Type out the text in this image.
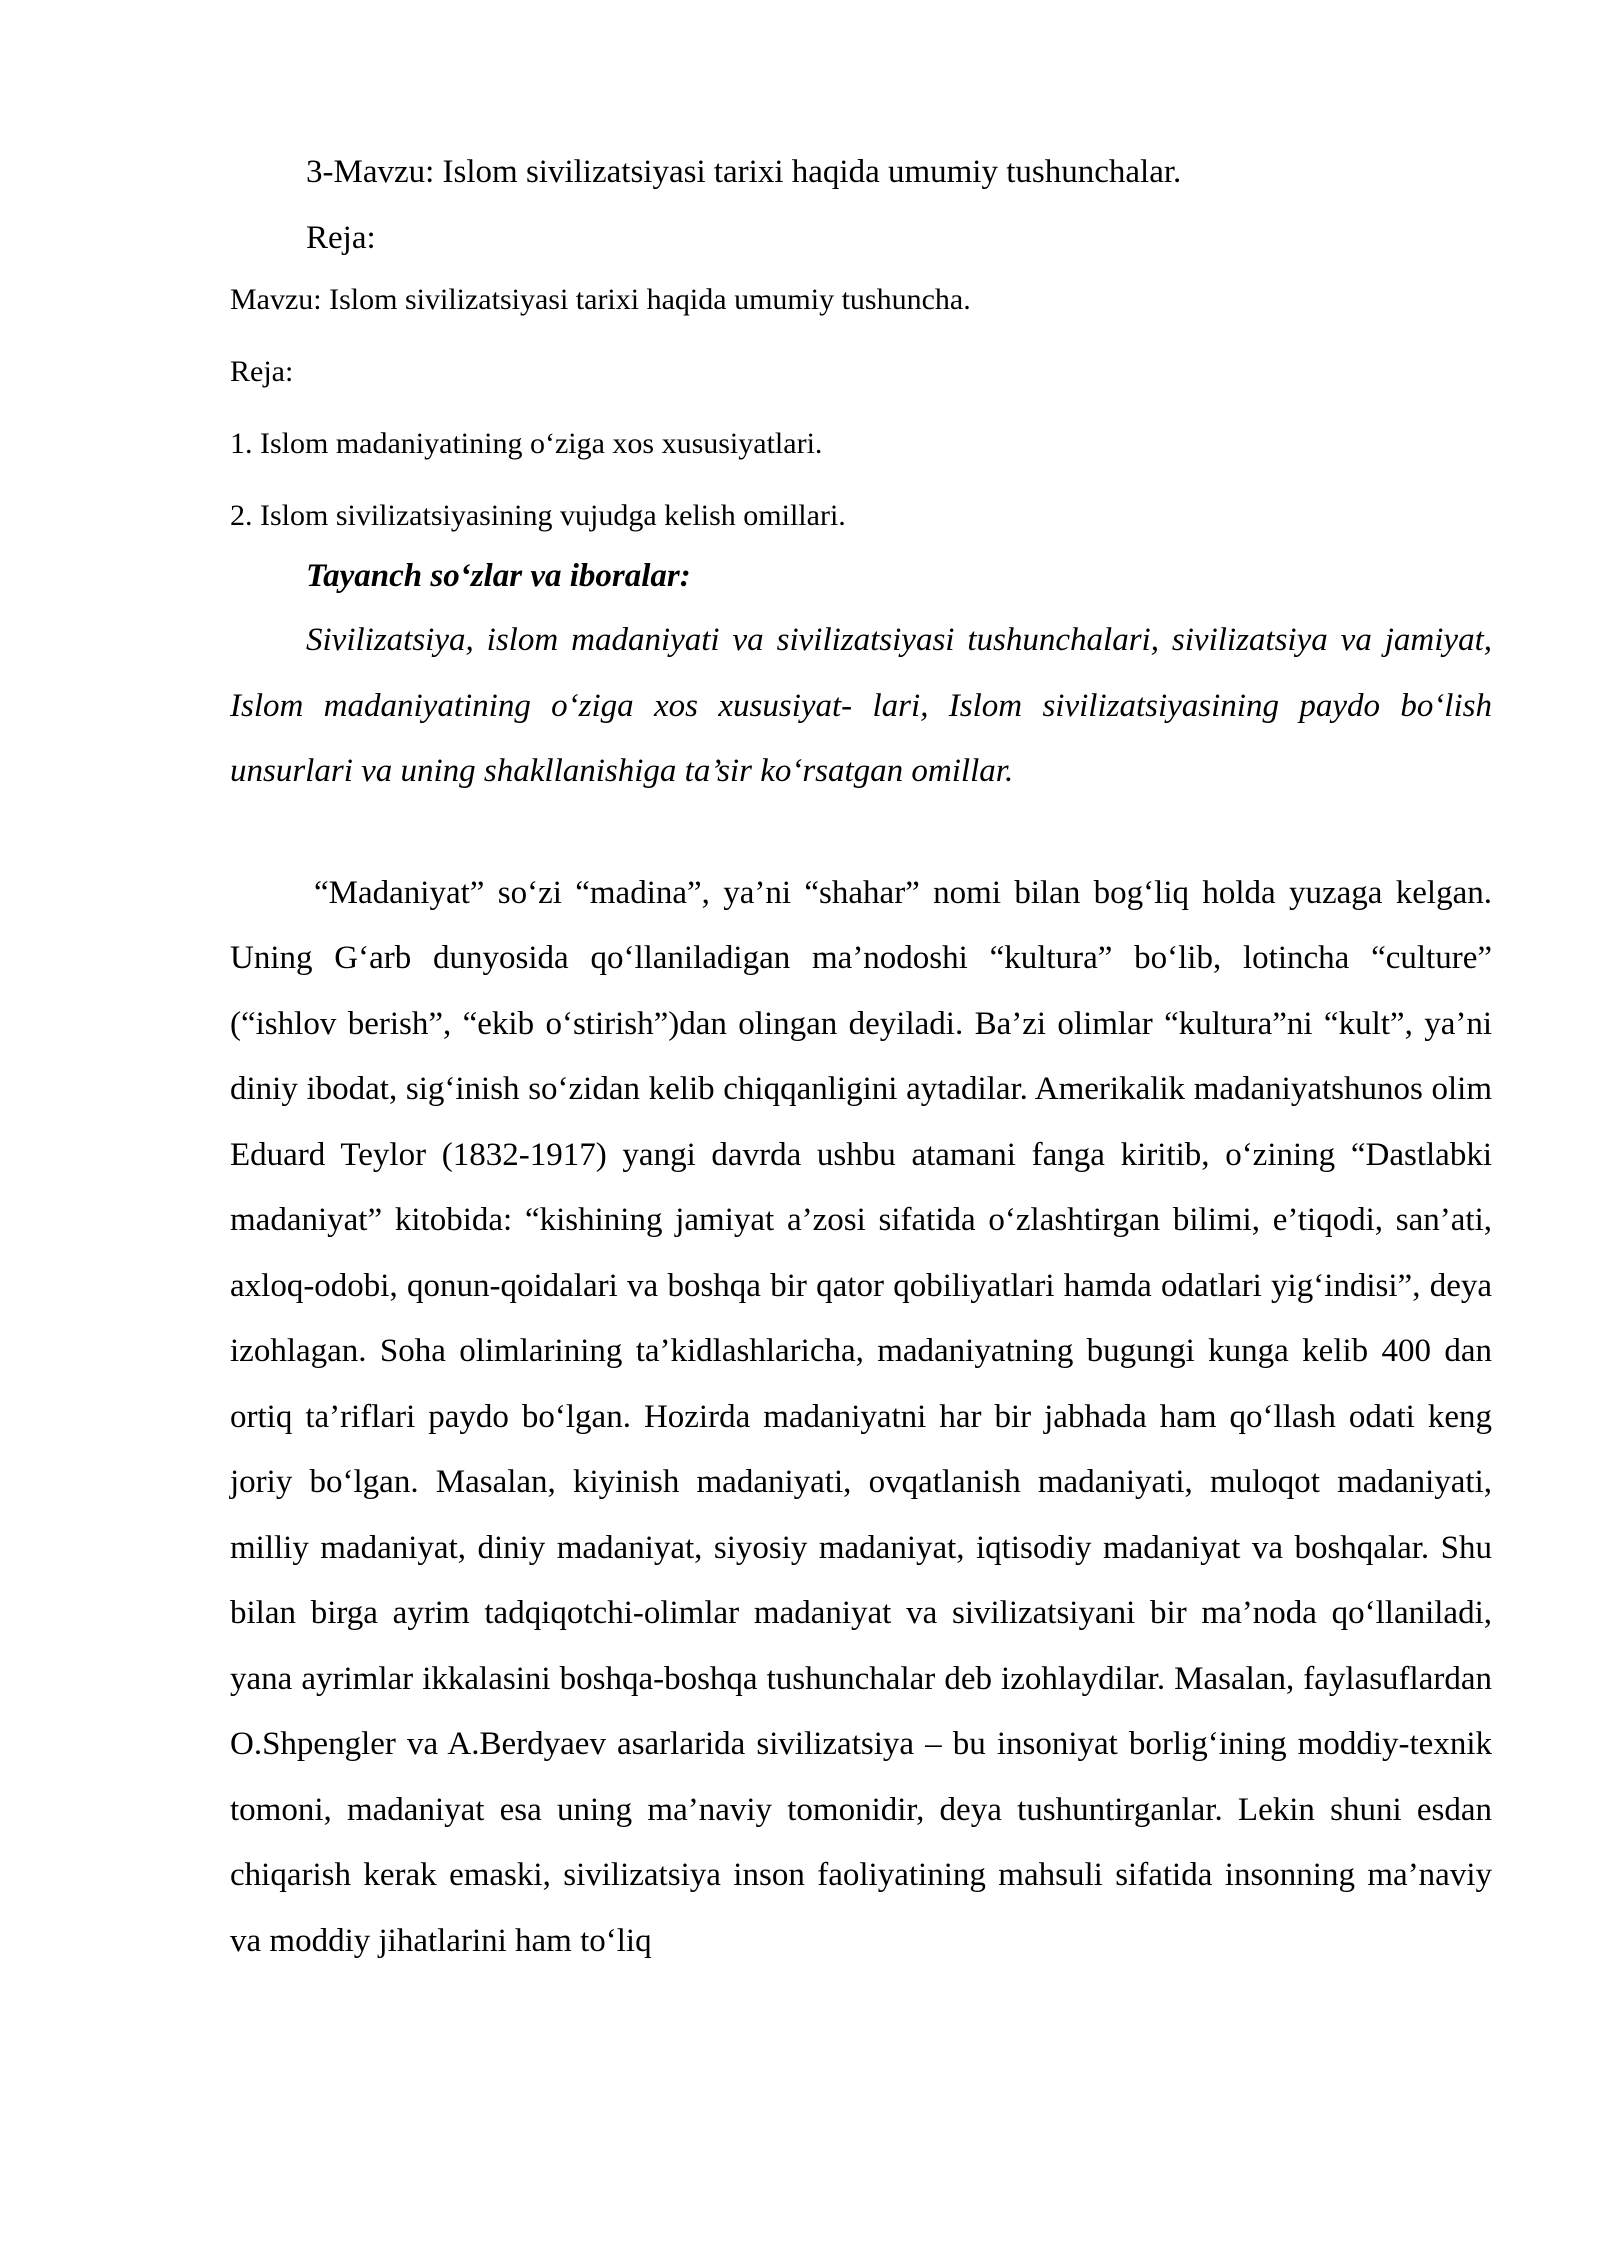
3-Mavzu: Islom sivilizatsiyasi tarixi haqida umumiy tushunchalar.

Reja:

Mavzu: Islom sivilizatsiyasi tarixi haqida umumiy tushuncha.

Reja:

1. Islom madaniyatining o‘ziga xos xususiyatlari.

2. Islom sivilizatsiyasining vujudga kelish omillari.

Tayanch so‘zlar va iboralar:

Sivilizatsiya, islom madaniyati va sivilizatsiyasi tushunchalari, sivilizatsiya va jamiyat, Islom madaniyatining o‘ziga xos xususiyat- lari, Islom sivilizatsiyasining paydo bo‘lish unsurlari va uning shakllanishiga ta’sir ko‘rsatgan omillar.

“Madaniyat” so‘zi “madina”, ya’ni “shahar” nomi bilan bog‘liq holda yuzaga kelgan. Uning G‘arb dunyosida qo‘llaniladigan ma’nodoshi “kultura” bo‘lib, lotincha “culture” (“ishlov berish”, “ekib o‘stirish”)dan olingan deyiladi. Ba’zi olimlar “kultura”ni “kult”, ya’ni diniy ibodat, sig‘inish so‘zidan kelib chiqqanligini aytadilar. Amerikalik madaniyatshunos olim Eduard Teylor (1832-1917) yangi davrda ushbu atamani fanga kiritib, o‘zining “Dastlabki madaniyat” kitobida: “kishining jamiyat a’zosi sifatida o‘zlashtirgan bilimi, e’tiqodi, san’ati, axloq-odobi, qonun-qoidalari va boshqa bir qator qobiliyatlari hamda odatlari yig‘indisi”, deya izohlagan. Soha olimlarining ta’kidlashlaricha, madaniyatning bugungi kunga kelib 400 dan ortiq ta’riflari paydo bo‘lgan. Hozirda madaniyatni har bir jabhada ham qo‘llash odati keng joriy bo‘lgan. Masalan, kiyinish madaniyati, ovqatlanish madaniyati, muloqot madaniyati, milliy madaniyat, diniy madaniyat, siyosiy madaniyat, iqtisodiy madaniyat va boshqalar. Shu bilan birga ayrim tadqiqotchi-olimlar madaniyat va sivilizatsiyani bir ma’noda qo‘llaniladi, yana ayrimlar ikkalasini boshqa-boshqa tushunchalar deb izohlaydilar. Masalan, faylasuflardan O.Shpengler va A.Berdyaev asarlarida sivilizatsiya – bu insoniyat borlig‘ining moddiy-texnik tomoni, madaniyat esa uning ma’naviy tomonidir, deya tushuntirganlar. Lekin shuni esdan chiqarish kerak emaski, sivilizatsiya inson faoliyatining mahsuli sifatida insonning ma’naviy va moddiy jihatlarini ham to‘liq
